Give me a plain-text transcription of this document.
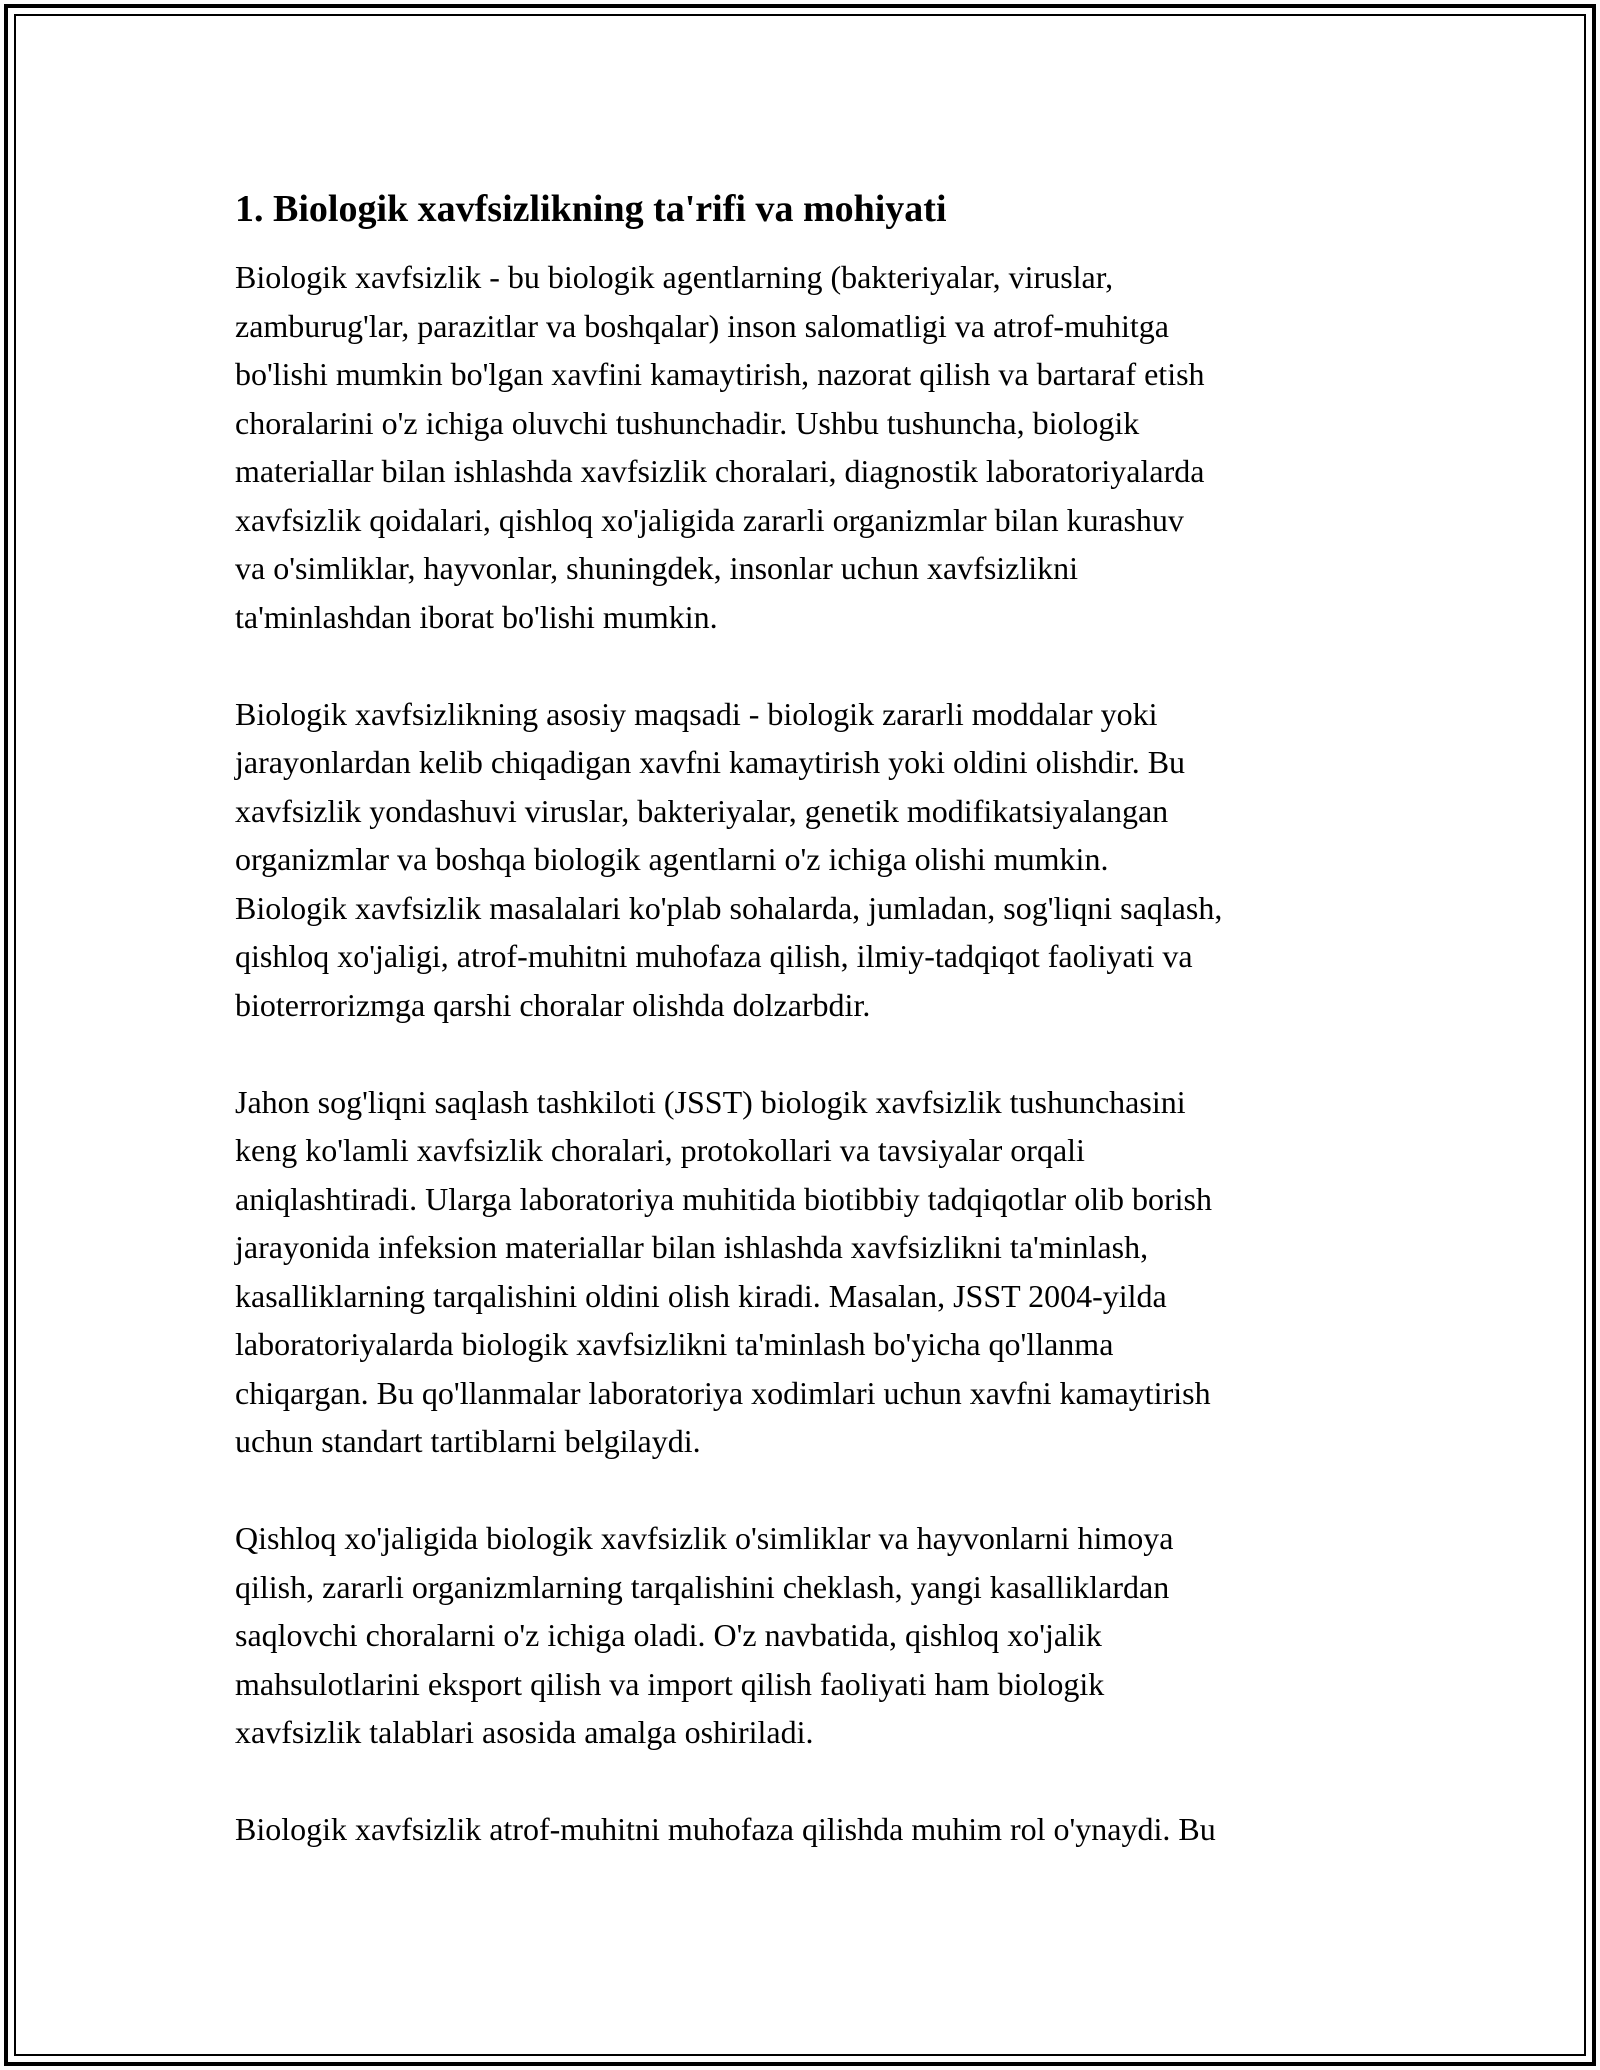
1. Biologik xavfsizlikning ta'rifi va mohiyati
Biologik xavfsizlik - bu biologik agentlarning (bakteriyalar, viruslar,
zamburug'lar, parazitlar va boshqalar) inson salomatligi va atrof-muhitga
bo'lishi mumkin bo'lgan xavfini kamaytirish, nazorat qilish va bartaraf etish
choralarini o'z ichiga oluvchi tushunchadir. Ushbu tushuncha, biologik
materiallar bilan ishlashda xavfsizlik choralari, diagnostik laboratoriyalarda
xavfsizlik qoidalari, qishloq xo'jaligida zararli organizmlar bilan kurashuv
va o'simliklar, hayvonlar, shuningdek, insonlar uchun xavfsizlikni
ta'minlashdan iborat bo'lishi mumkin.
Biologik xavfsizlikning asosiy maqsadi - biologik zararli moddalar yoki
jarayonlardan kelib chiqadigan xavfni kamaytirish yoki oldini olishdir. Bu
xavfsizlik yondashuvi viruslar, bakteriyalar, genetik modifikatsiyalangan
organizmlar va boshqa biologik agentlarni o'z ichiga olishi mumkin.
Biologik xavfsizlik masalalari ko'plab sohalarda, jumladan, sog'liqni saqlash,
qishloq xo'jaligi, atrof-muhitni muhofaza qilish, ilmiy-tadqiqot faoliyati va
bioterrorizmga qarshi choralar olishda dolzarbdir.
Jahon sog'liqni saqlash tashkiloti (JSST) biologik xavfsizlik tushunchasini
keng ko'lamli xavfsizlik choralari, protokollari va tavsiyalar orqali
aniqlashtiradi. Ularga laboratoriya muhitida biotibbiy tadqiqotlar olib borish
jarayonida infeksion materiallar bilan ishlashda xavfsizlikni ta'minlash,
kasalliklarning tarqalishini oldini olish kiradi. Masalan, JSST 2004-yilda
laboratoriyalarda biologik xavfsizlikni ta'minlash bo'yicha qo'llanma
chiqargan. Bu qo'llanmalar laboratoriya xodimlari uchun xavfni kamaytirish
uchun standart tartiblarni belgilaydi.
Qishloq xo'jaligida biologik xavfsizlik o'simliklar va hayvonlarni himoya
qilish, zararli organizmlarning tarqalishini cheklash, yangi kasalliklardan
saqlovchi choralarni o'z ichiga oladi. O'z navbatida, qishloq xo'jalik
mahsulotlarini eksport qilish va import qilish faoliyati ham biologik
xavfsizlik talablari asosida amalga oshiriladi.
Biologik xavfsizlik atrof-muhitni muhofaza qilishda muhim rol o'ynaydi. Bu
